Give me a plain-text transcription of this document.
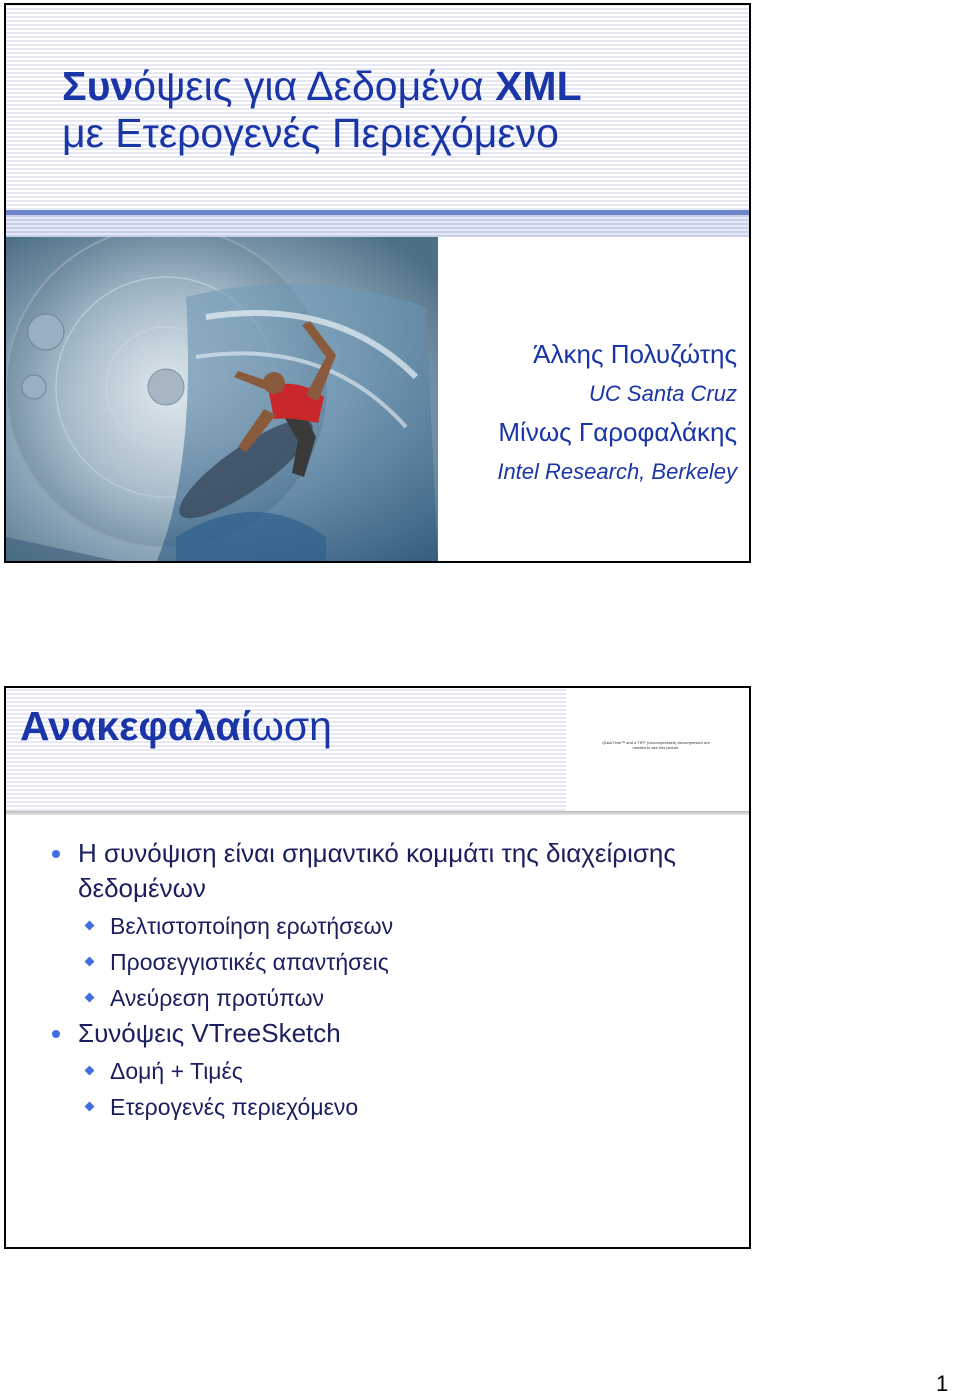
Συνόψεις για Δεδομένα XML
με Ετερογενές Περιεχόμενο
Άλκης Πολυζώτης
UC Santa Cruz
Μίνως Γαροφαλάκης
Intel Research, Berkeley
Ανακεφαλαίωση	QuickTime™ and a TIFF (Uncompressed) decompressor are needed to see this picture.
Η συνόψιση είναι σημαντικό κομμάτι της διαχείρισης δεδομένων
Βελτιστοποίηση ερωτήσεων
Προσεγγιστικές απαντήσεις
Ανεύρεση προτύπων
Συνόψεις VTreeSketch
Δομή + Τιμές
Ετερογενές περιεχόμενο
1
